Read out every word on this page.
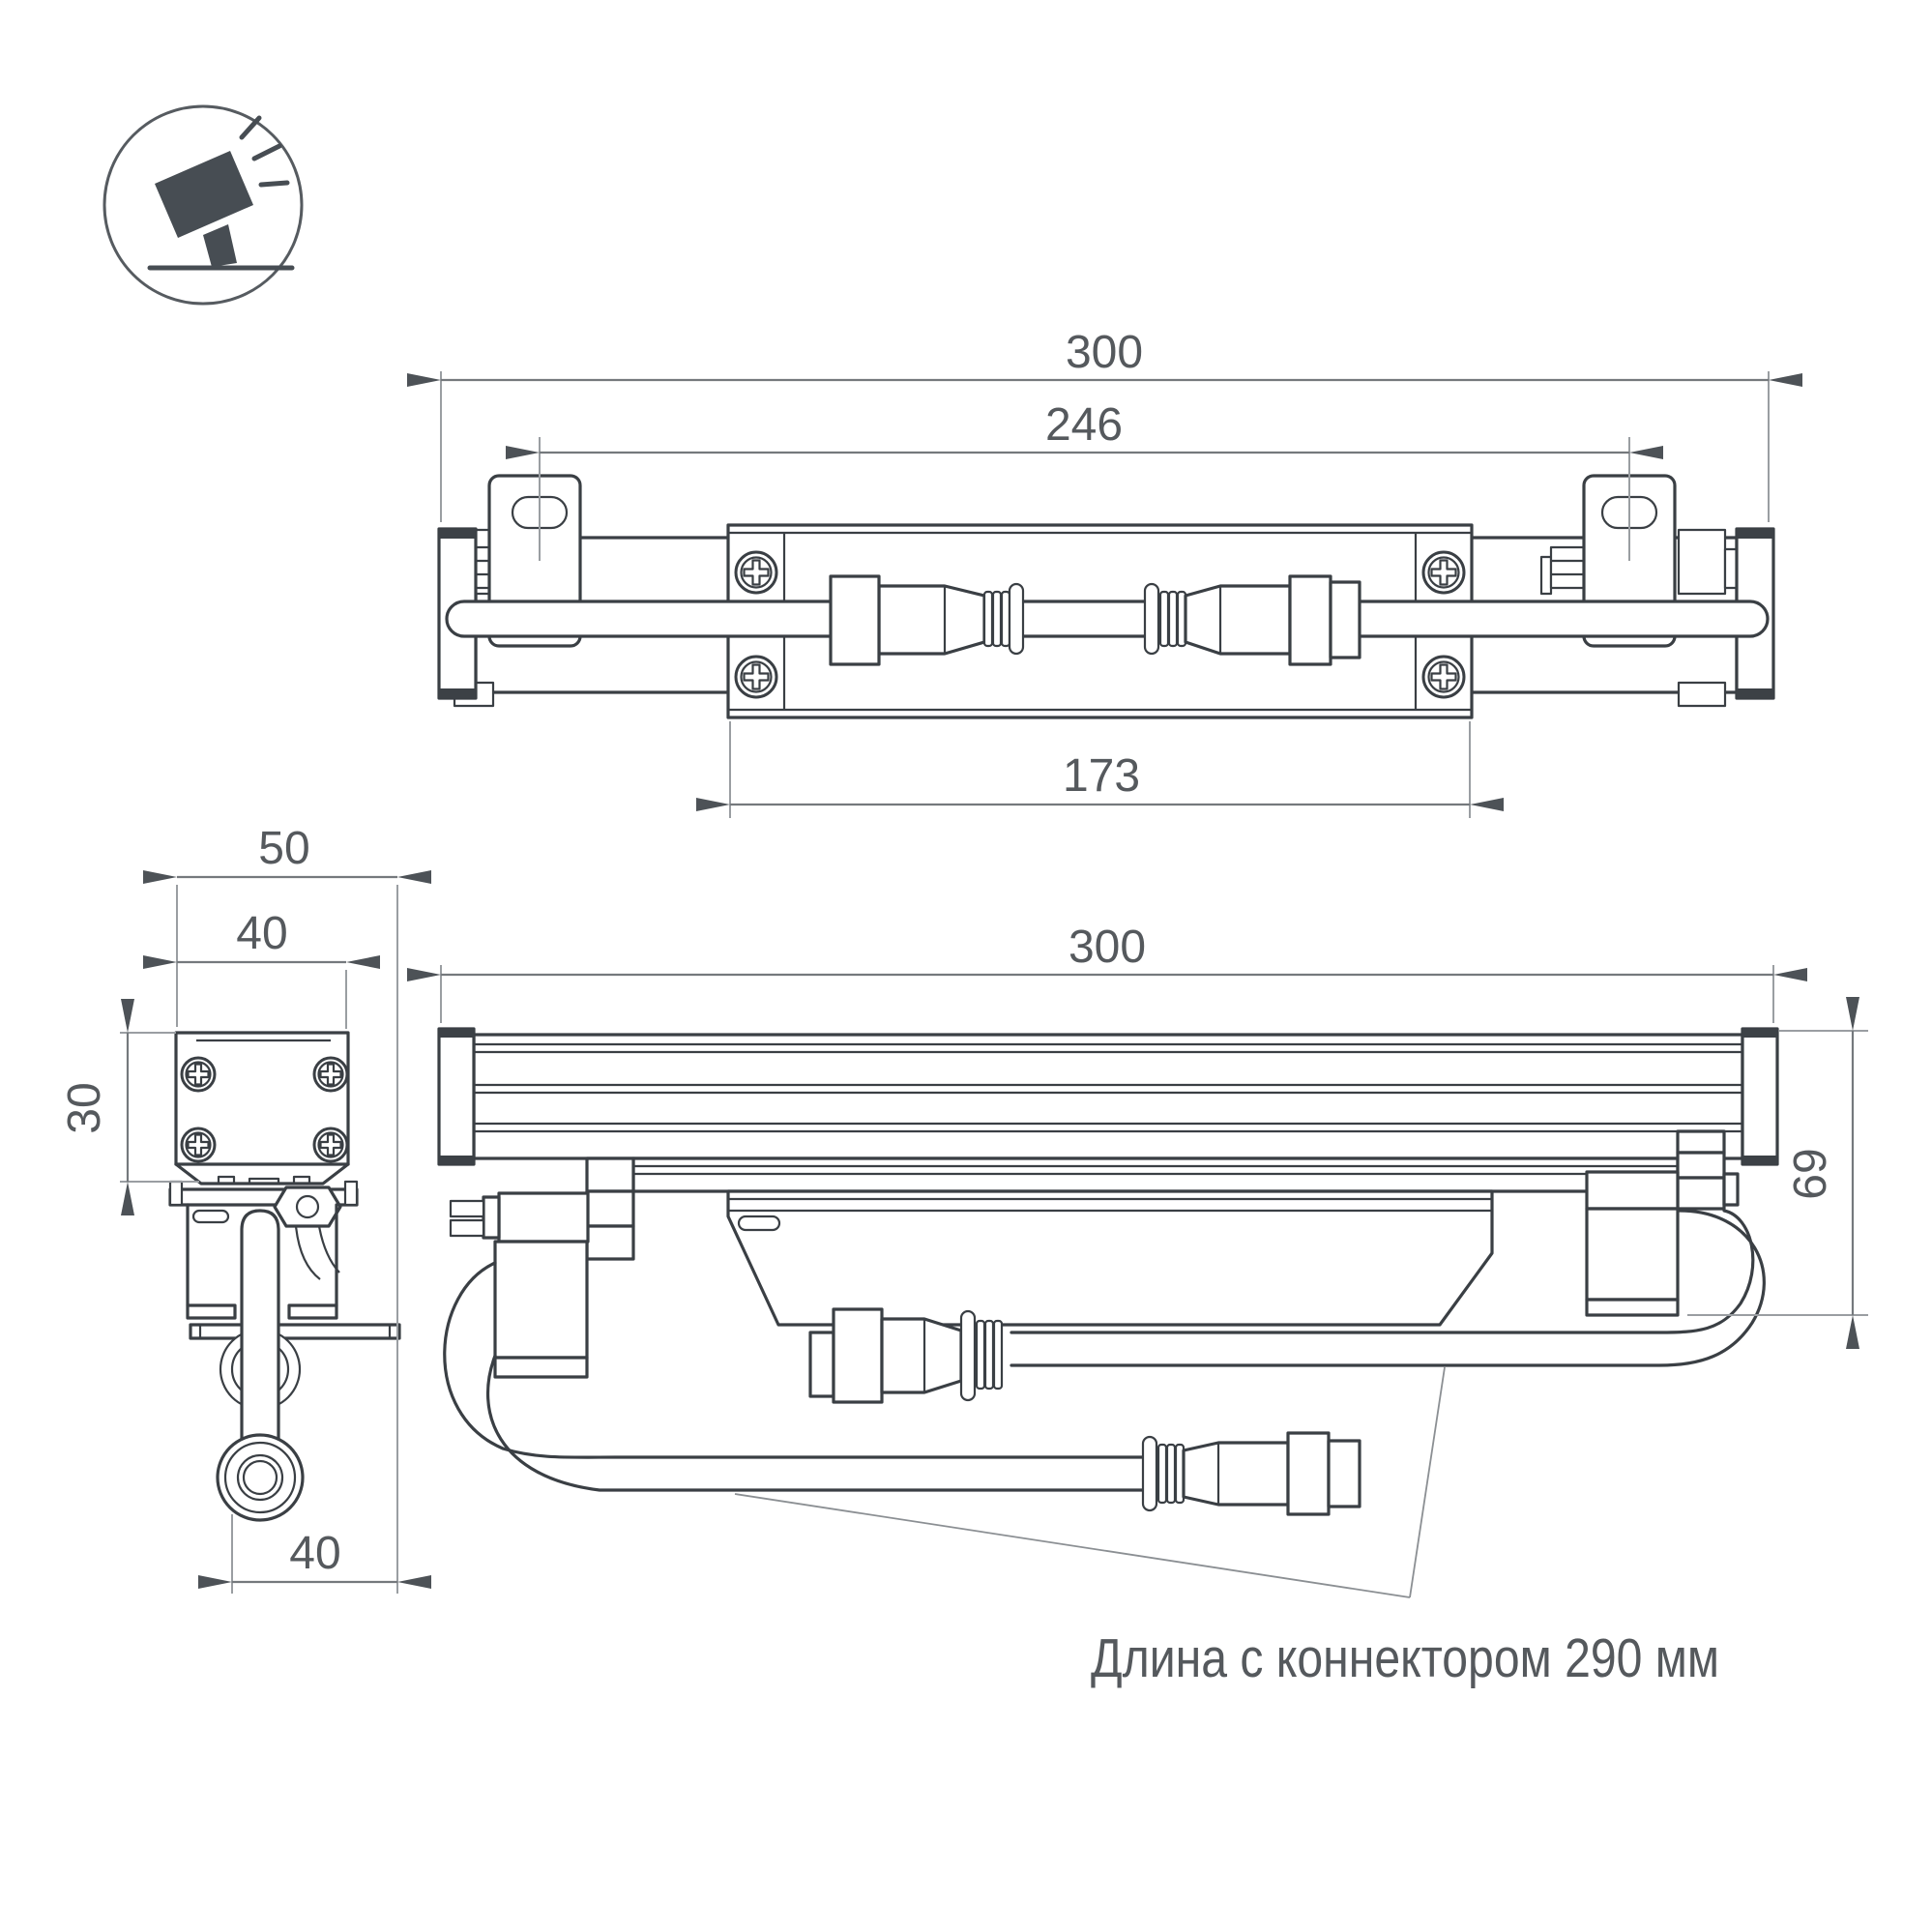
300
246
173
50
40
30
40
300
69
Длина с коннектором 290 мм
